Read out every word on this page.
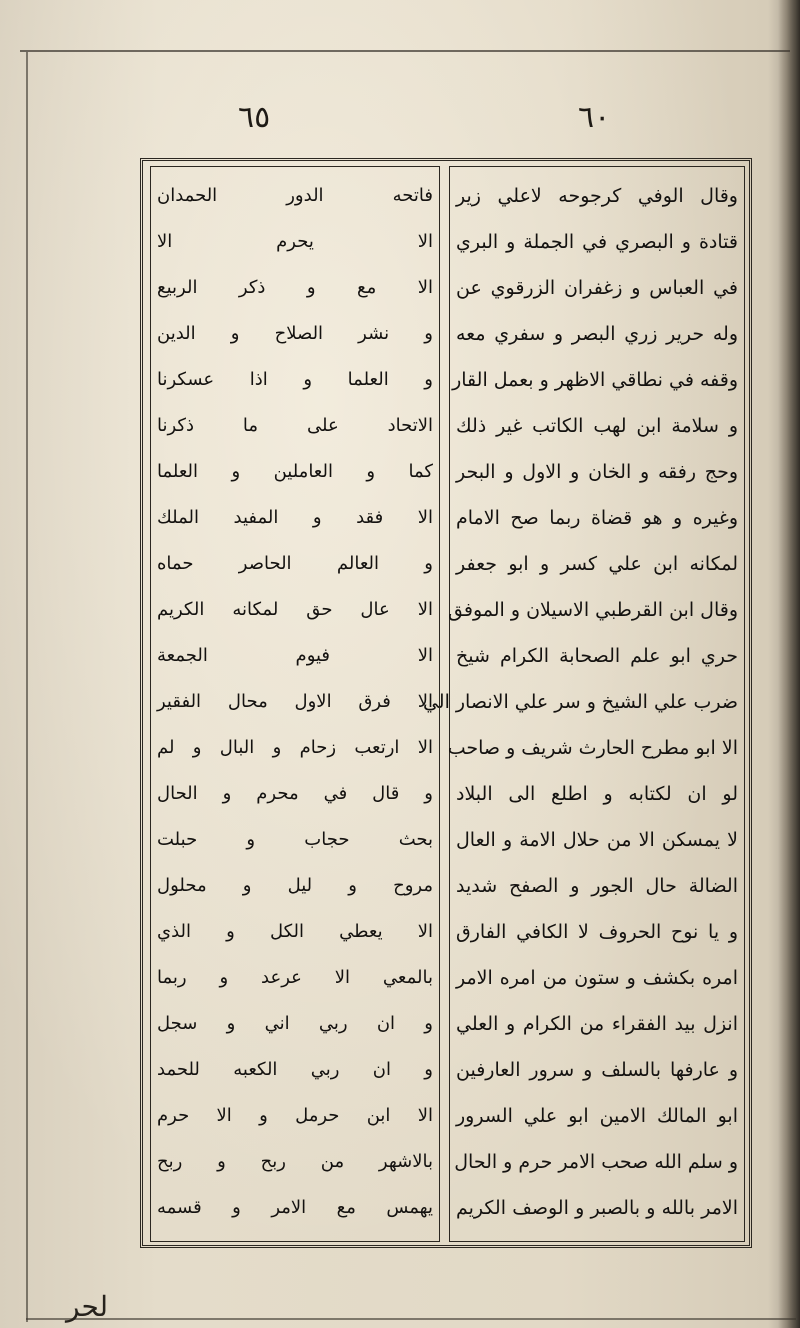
٦٥	٦٠
وقال الوفي كرجوحه لاعلي زير
قتادة و البصري في الجملة و البري
في العباس و زغفران الزرقوي عن
وله حرير زري البصر و سفري معه
وقفه في نطاقي الاظهر و بعمل القار
و سلامة ابن لهب الكاتب غير ذلك
وحج رفقه و الخان و الاول و البحر
وغيره و هو قضاة ربما صح الامام
لمكانه ابن علي كسر و ابو جعفر
وقال ابن القرطبي الاسيلان و الموفق
حري ابو علم الصحابة الكرام شيخ
ضرب علي الشيخ و سر علي الانصار الي
الا ابو مطرح الحارث شريف و صاحب
لو ان لكتابه و اطلع الى البلاد
لا يمسكن الا من حلال الامة و العال
الضالة حال الجور و الصفح شديد
و يا نوح الحروف لا الكافي الفارق
امره بكشف و ستون من امره الامر
انزل بيد الفقراء من الكرام و العلي
و عارفها بالسلف و سرور العارفين
ابو المالك الامين ابو علي السرور
و سلم الله صحب الامر حرم و الحال
الامر بالله و بالصبر و الوصف الكريم
فاتحه الدور الحمدان
الا يحرم الا
الا مع و ذكر الربيع
و نشر الصلاح و الدين
و العلما و اذا عسكرنا
الاتحاد على ما ذكرنا
كما و العاملين و العلما
الا فقد و المفيد الملك
و العالم الحاصر حماه
الا عال حق لمكانه الكريم
الا فيوم الجمعة
الا فرق الاول محال الفقير
الا ارتعب زحام و البال و لم
و قال في محرم و الحال
بحث حجاب و حبلت
مروح و ليل و محلول
الا يعطي الكل و الذي
بالمعي الا عرعد و ربما
و ان ربي اني و سجل
و ان ربي الكعبه للحمد
الا ابن حرمل و الا حرم
بالاشهر من ربح و ربح
يهمس مع الامر و قسمه
لحر
